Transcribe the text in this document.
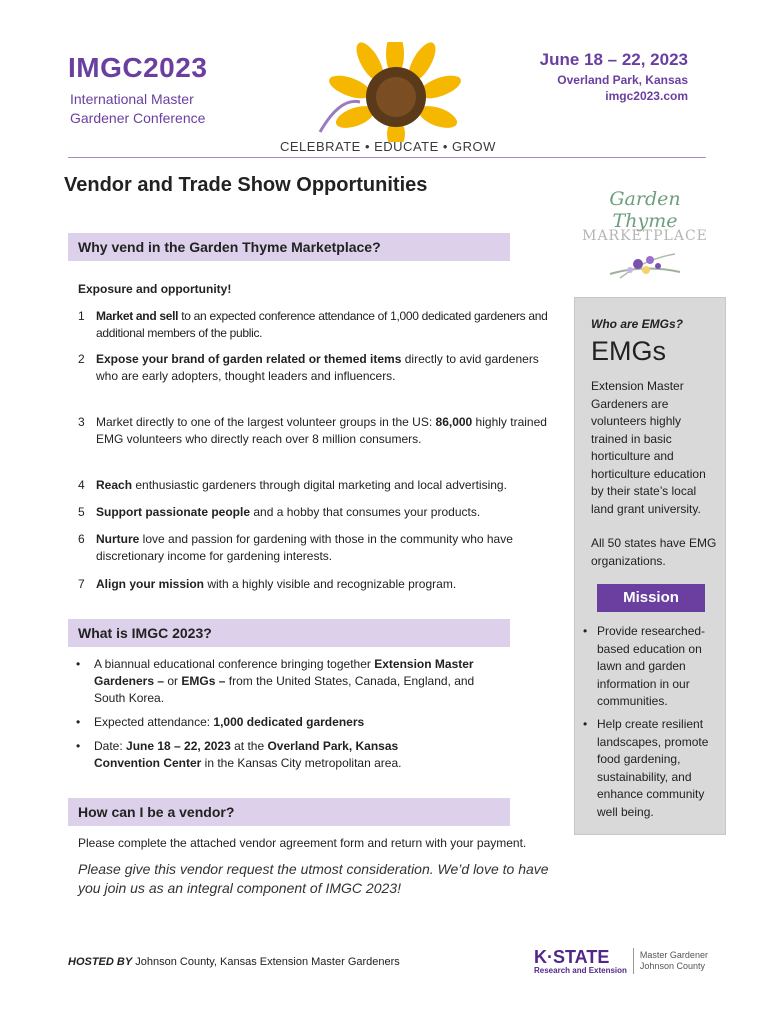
IMGC2023
International Master Gardener Conference
CELEBRATE • EDUCATE • GROW
June 18 – 22, 2023
Overland Park, Kansas
imgc2023.com
Vendor and Trade Show Opportunities
Garden Thyme
MARKETPLACE
Why vend in the Garden Thyme Marketplace?
Exposure and opportunity!
1 Market and sell to an expected conference attendance of 1,000 dedicated gardeners and additional members of the public.
2 Expose your brand of garden related or themed items directly to avid gardeners who are early adopters, thought leaders and influencers.
3 Market directly to one of the largest volunteer groups in the US: 86,000 highly trained EMG volunteers who directly reach over 8 million consumers.
4 Reach enthusiastic gardeners through digital marketing and local advertising.
5 Support passionate people and a hobby that consumes your products.
6 Nurture love and passion for gardening with those in the community who have discretionary income for gardening interests.
7 Align your mission with a highly visible and recognizable program.
What is IMGC 2023?
•	A biannual educational conference bringing together Extension Master Gardeners – or EMGs – from the United States, Canada, England, and South Korea.
•	Expected attendance: 1,000 dedicated gardeners
•	Date: June 18 – 22, 2023 at the Overland Park, Kansas Convention Center in the Kansas City metropolitan area.
How can I be a vendor?
Please complete the attached vendor agreement form and return with your payment.
Please give this vendor request the utmost consideration. We’d love to have you join us as an integral component of IMGC 2023!
Who are EMGs?
EMGs
Extension Master Gardeners are volunteers highly trained in basic horticulture and horticulture education by their state’s local land grant university.
All 50 states have EMG organizations.
Mission
• Provide researched-based education on lawn and garden information in our communities.
• Help create resilient landscapes, promote food gardening, sustainability, and enhance community well being.
HOSTED BY Johnson County, Kansas Extension Master Gardeners	K·STATE
Research and Extension
Master Gardener
Johnson County
